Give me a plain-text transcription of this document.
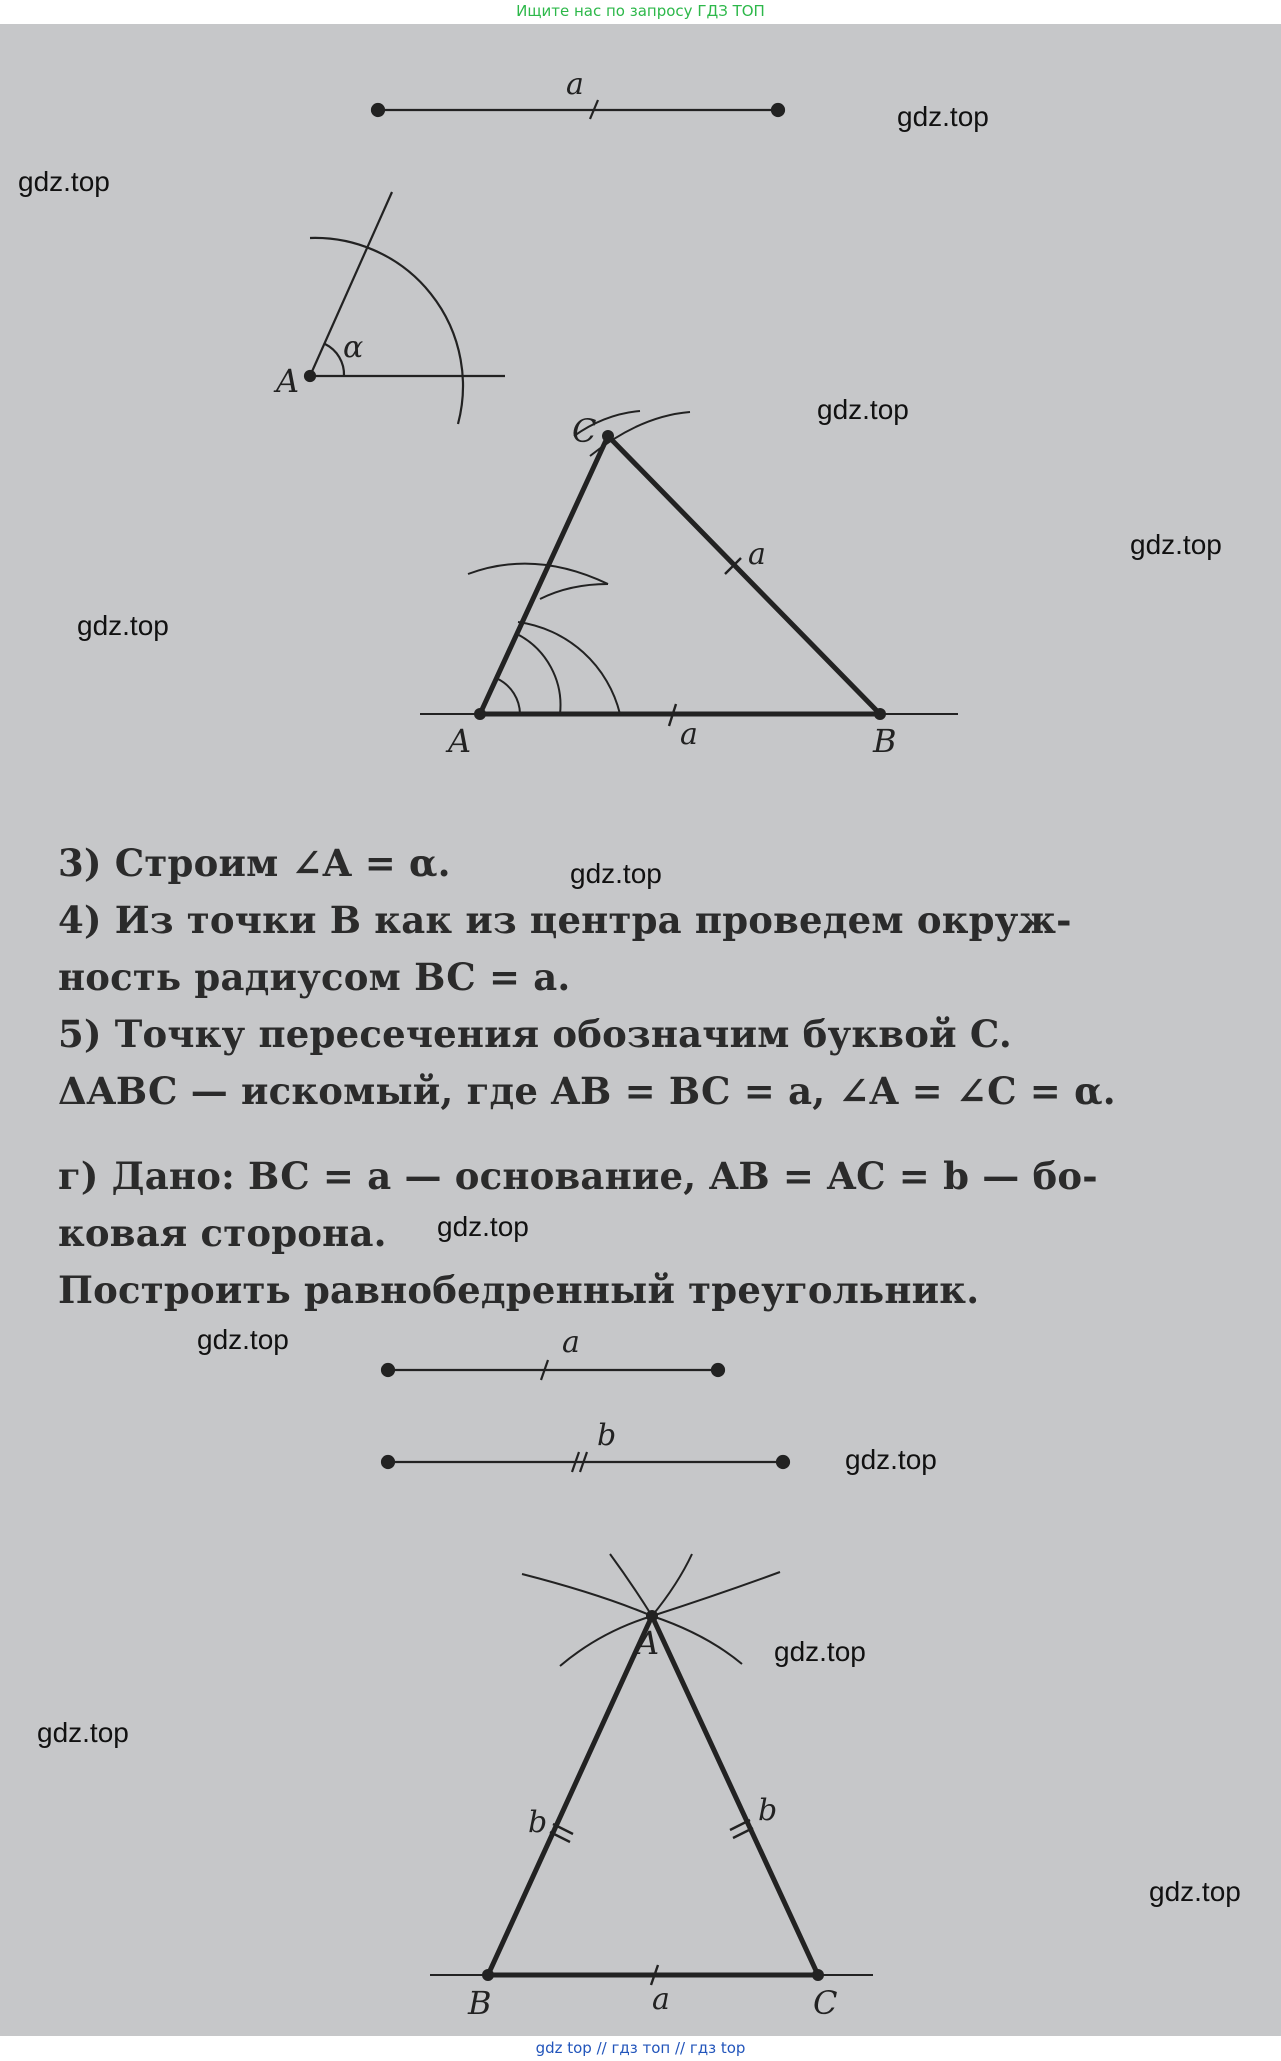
Ищите нас по запросу ГДЗ ТОП
a
A
α
A	B
C
a
a
a
b
A
B	C
b	b
a
3) Строим ∠A = α.
4) Из точки B как из центра проведем окруж-
ность радиусом BC = a.
5) Точку пересечения обозначим буквой C.
ΔABC — искомый, где AB = BC = a, ∠A = ∠C = α.
г) Дано: BC = a — основание, AB = AC = b — бо-
ковая сторона.
Построить равнобедренный треугольник.
gdz.top
gdz.top
gdz.top
gdz.top
gdz.top
gdz.top
gdz.top
gdz.top
gdz.top
gdz.top
gdz.top
gdz.top
gdz top // гдз топ // гдз top
